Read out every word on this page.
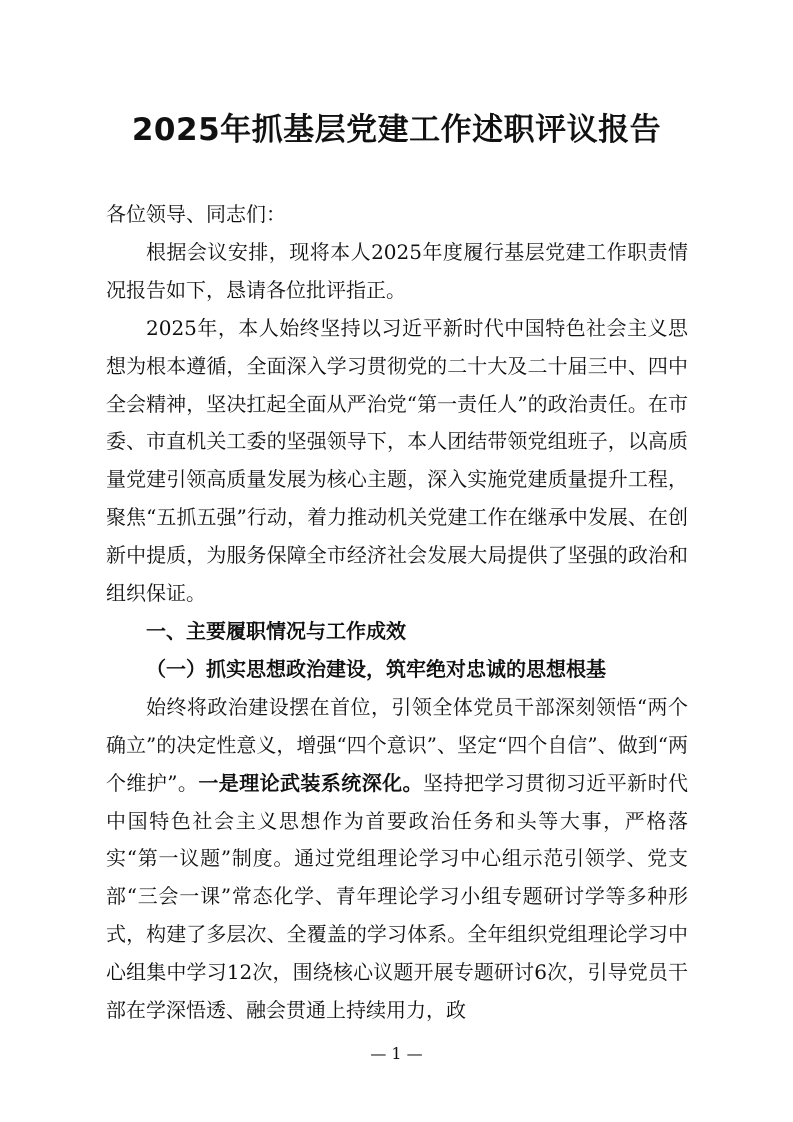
2025年抓基层党建工作述职评议报告

各位领导、同志们：

根据会议安排，现将本人2025年度履行基层党建工作职责情况报告如下，恳请各位批评指正。

2025年，本人始终坚持以习近平新时代中国特色社会主义思想为根本遵循，全面深入学习贯彻党的二十大及二十届三中、四中全会精神，坚决扛起全面从严治党“第一责任人”的政治责任。在市委、市直机关工委的坚强领导下，本人团结带领党组班子，以高质量党建引领高质量发展为核心主题，深入实施党建质量提升工程，聚焦“五抓五强”行动，着力推动机关党建工作在继承中发展、在创新中提质，为服务保障全市经济社会发展大局提供了坚强的政治和组织保证。

一、主要履职情况与工作成效

（一）抓实思想政治建设，筑牢绝对忠诚的思想根基

始终将政治建设摆在首位，引领全体党员干部深刻领悟“两个确立”的决定性意义，增强“四个意识”、坚定“四个自信”、做到“两个维护”。一是理论武装系统深化。坚持把学习贯彻习近平新时代中国特色社会主义思想作为首要政治任务和头等大事，严格落实“第一议题”制度。通过党组理论学习中心组示范引领学、党支部“三会一课”常态化学、青年理论学习小组专题研讨学等多种形式，构建了多层次、全覆盖的学习体系。全年组织党组理论学习中心组集中学习12次，围绕核心议题开展专题研讨6次，引导党员干部在学深悟透、融会贯通上持续用力，政

— 1 —
